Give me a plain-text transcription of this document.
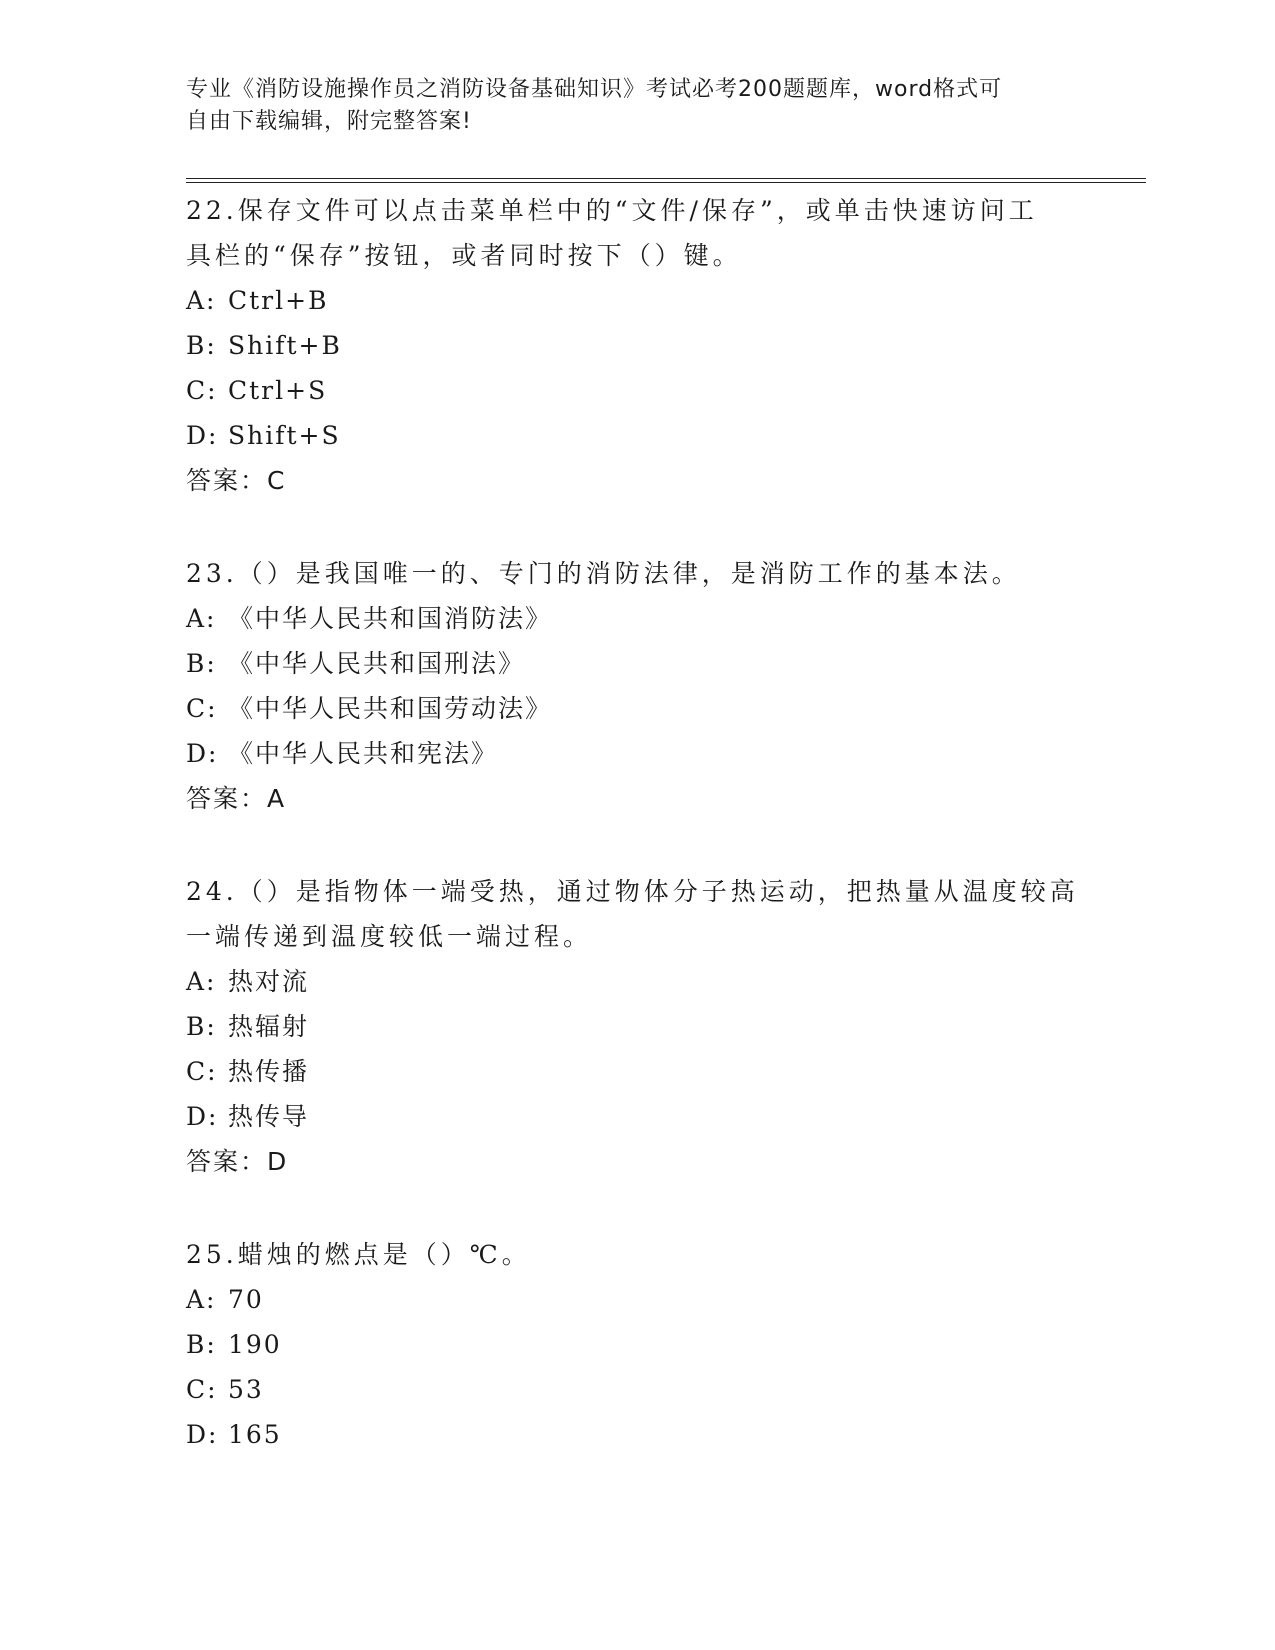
专业《消防设施操作员之消防设备基础知识》考试必考200题题库，word格式可
自由下载编辑，附完整答案!
22.保存文件可以点击菜单栏中的“文件/保存”，或单击快速访问工
具栏的“保存”按钮，或者同时按下（）键。
A: Ctrl+B
B: Shift+B
C: Ctrl+S
D: Shift+S
答案：C
23.（）是我国唯一的、专门的消防法律，是消防工作的基本法。
A: 《中华人民共和国消防法》
B: 《中华人民共和国刑法》
C: 《中华人民共和国劳动法》
D: 《中华人民共和宪法》
答案：A
24.（）是指物体一端受热，通过物体分子热运动，把热量从温度较高
一端传递到温度较低一端过程。
A: 热对流
B: 热辐射
C: 热传播
D: 热传导
答案：D
25.蜡烛的燃点是（）℃。
A: 70
B: 190
C: 53
D: 165
